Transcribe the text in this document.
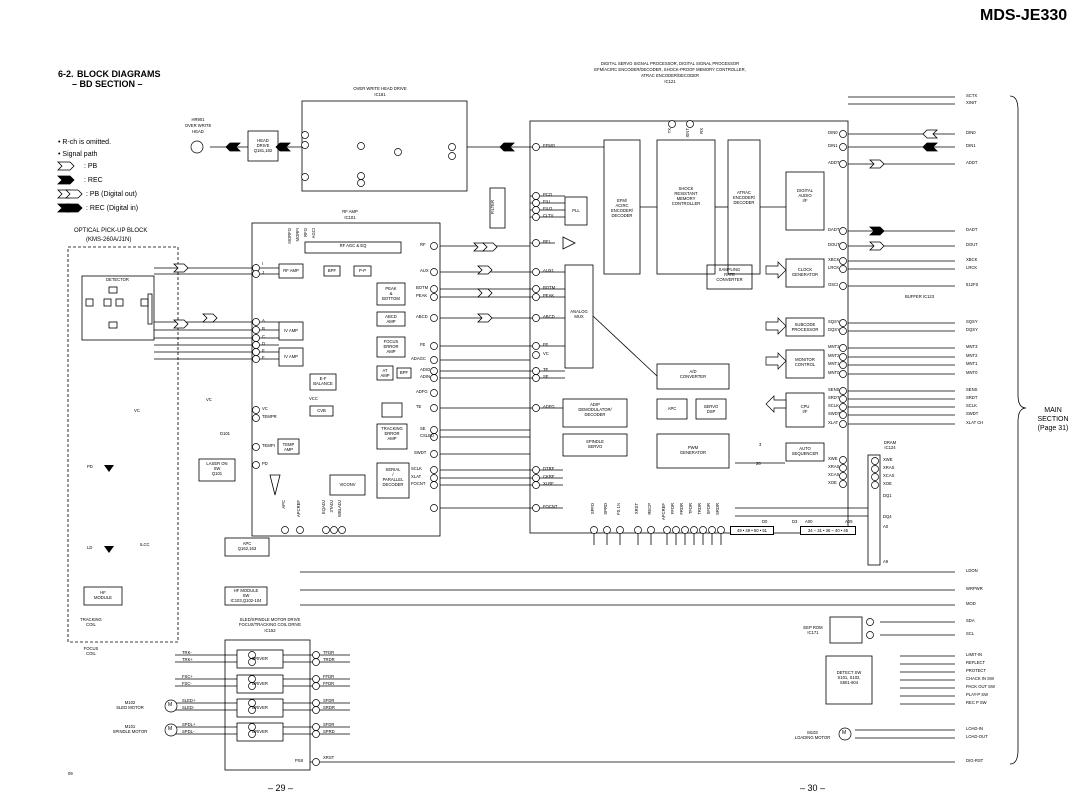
MDS-JE330
6-2. BLOCK DIAGRAMS
– BD SECTION –
• R-ch is omitted.
• Signal path
: PB
: REC
: PB (Digital out)
: REC (Digital in)
DIGITAL SERVO SIGNAL PROCESSOR, DIGITAL SIGNAL PROCESSOR
EFM/ACIRC ENCODER/DECODER, SHOCK-PROOF MEMORY CONTROLLER,
ATRAC ENCODER/DECODER
IC121
OVER WRITE HEAD DRIVE
IC181
HR901
OVER WRITE
HEAD
RF AMP
IC101
OPTICAL PICK-UP BLOCK
(KMS-260A/J1N)
HEAD
DRIVE
Q181,182
FILTER	PLL
EFM/
ACIRC
ENCODER/
DECODER
SHOCK
RESISTANT
MEMORY
CONTROLLER
ATRAC
ENCODER/
DECODER
DIGITAL
AUDIO
I/F
SAMPLING
RATE
CONVERTER
CLOCK
GENERATOR
BUFFER IC123
RF AGC & EQ
RF AMP	BPF	P-P
PEAK
&
BOTTOM
ABCD
AMP
IV AMP
IV AMP
FOCUS
ERROR
AMP
AT
AMP
BPF
E-F
BALANCE
CVB
TRACKING
ERROR
AMP
TEMP
AMP
SERIAL
/
PARALLEL
DECODER
VICONV
ANALOG
MUX
A/D
CONVERTER
ADIP
DEMODULATOR/
DECODER
APC	SERVO
DSP
SPINDLE
SERVO	PWM
GENERATOR
SUBCODE
PROCESSOR
MONITOR
CONTROL
CPU
I/F
AUTO
SEQUENCER
DETECTOR
LASER ON
SW
Q101
APC
Q162,163
HF
MODULE
HF MODULE
SW
IC103,Q102-104
SLED/SPINDLE MOTOR DRIVE
FOCUS/TRACKING COIL DRIVE
IC152
DRIVER
DRIVER
DRIVER
DRIVER
DRAM
IC124
EEP ROM
IC171
DETECT SW
S101, S102,
S601-604
M102
SLED MOTOR
M101
SPINDLE MOTOR	M103
LOADING MOTOR
TRACKING
COIL
FOCUS
COIL
M
M
M
SCTX
XINIT
DIN0
DIN1
ADDT
DADT
DOUT
XBCK
LRCK
512FS
SQSY
DQSY
MNT3
MNT2
MNT1
MNT0
SENS
SRDT
SCLK
SWDT
XLAT CH
LDON
WRPWR
MOD
SDA
SCL
LIMIT-IN
REFLECT
PROTECT
CHACK IN SW
PACK OUT SW
PLAY-P SW
REC P SW
LOAD-IN
LOAD-OUT
DIG-RST
EFMO
PCO
FILI
FILO
CLTV
RFI
AUX1
BOTM
PEAK
ABCD
FE
VC
TE
SE
ADFG
DTRF
CKRF
XLRF
FOCNT
RF
AUX
BOTM
PEAK
ABCD
FE
ADAGC
ADIO
ADIN
ADFG
TE
SE
CSLED
SWDT
SCLK
XLAT
FOCNT
I
J
A
B
C
D
E
F
VC
TEMPR
TEMPI
PD
DIN0
DIN1
ADDT
DADT
DOUT
XBCK
LRCK
OSCI
SQSY
DQSY
MNT3
MNT2
MNT1
MNT0
SENS
SRDT
SCLK
SWDT
XLAT
XWE
XRAS
XCAS
XOE
XWE
XRAS
XCAS
XOE
DQ1
DQ4
A0
A9
TRK-
TRK+
FSC+
FSC-
SLED+
SLED-
SPDL+
SPDL-
TFDR
TRDR
FFDR
FFDR
SFDR
SRDR
SFDR
SPRD
XRST
PS8
SPFD SPRD FS 1N	XRST RECP APCREF FFDR FRDR TFDR TRDR SFDR SRDR
APC APCREF	EQADJ 3TADJ WBLADJ
MORFO MORFI RFO AGCI
TX	XINT RX
VC
VC	VCC
D101
PD
LD
ILCC
3
20
D0	D3 A00	A09
49 • 48 • 50 • 51	34 – 31 • 36 – 40 • 45
MAIN
SECTION
(Page 31)
– 29 –	– 30 –
09
